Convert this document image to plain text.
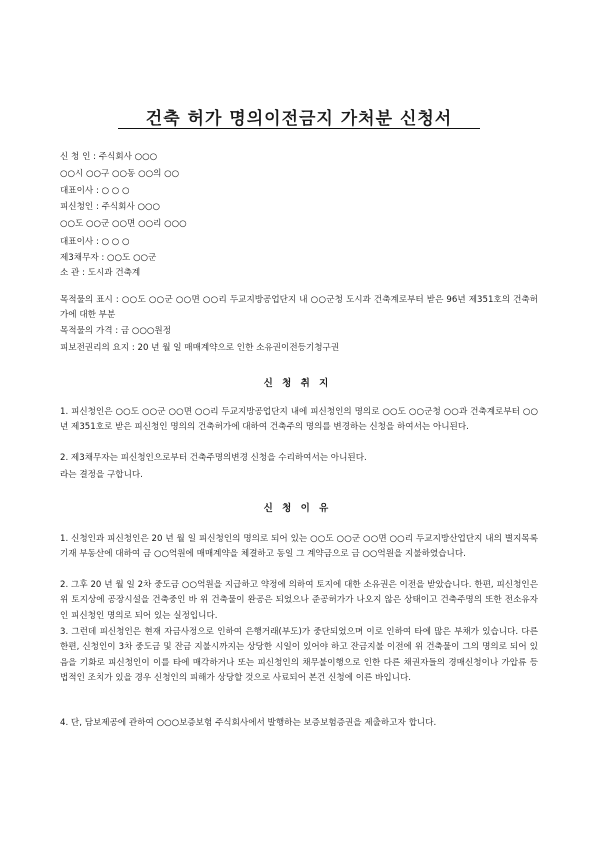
건축 허가 명의이전금지 가처분 신청서
신 청 인 : 주식회사 ○○○
○○시 ○○구 ○○동 ○○의 ○○
대표이사 : ○ ○ ○
피신청인 : 주식회사 ○○○
○○도 ○○군 ○○면 ○○리 ○○○
대표이사 : ○ ○ ○
제3채무자 : ○○도 ○○군
소 관 : 도시과 건축계

목적물의 표시 : ○○도 ○○군 ○○면 ○○리 두교지방공업단지 내 ○○군청 도시과 건축계로부터 받은 96년 제351호의 건축허가에 대한 부분

목적물의 가격 : 금 ○○○원정

피보전권리의 요지 : 20 년 월 일 매매계약으로 인한 소유권이전등기청구권

신 청 취 지

1. 피신청인은 ○○도 ○○군 ○○면 ○○리 두교지방공업단지 내에 피신청인의 명의로 ○○도 ○○군청 ○○과 건축계로부터 ○○년 제351호로 받은 피신청인 명의의 건축허가에 대하여 건축주의 명의를 변경하는 신청을 하여서는 아니된다.

2. 제3채무자는 피신청인으로부터 건축주명의변경 신청을 수리하여서는 아니된다.

라는 결정을 구합니다.

신 청 이 유

1. 신청인과 피신청인은 20 년 월 일 피신청인의 명의로 되어 있는 ○○도 ○○군 ○○면 ○○리 두교지방산업단지 내의 별지목록 기재 부동산에 대하여 금 ○○억원에 매매계약을 체결하고 동일 그 계약금으로 금 ○○억원을 지불하였습니다.

2. 그후 20 년 월 일 2차 중도금 ○○억원을 지급하고 약정에 의하여 토지에 대한 소유권은 이전을 받았습니다. 한편, 피신청인은 위 토지상에 공장시설을 건축중인 바 위 건축물이 완공은 되었으나 준공허가가 나오지 않은 상태이고 건축주명의 또한 전소유자인 피신청인 명의로 되어 있는 실정입니다.

3. 그런데 피신청인은 현재 자금사정으로 인하여 은행거래(부도)가 중단되었으며 이로 인하여 타에 많은 부채가 있습니다. 다른 한편, 신청인이 3차 중도금 및 잔금 지불시까지는 상당한 시일이 있어야 하고 잔금지불 이전에 위 건축물이 그의 명의로 되어 있음을 기화로 피신청인이 이를 타에 매각하거나 또는 피신청인의 채무불이행으로 인한 다른 채권자들의 경매신청이나 가압류 등 법적인 조치가 있을 경우 신청인의 피해가 상당할 것으로 사료되어 본건 신청에 이른 바입니다.

4. 단, 담보제공에 관하여 ○○○보증보험 주식회사에서 발행하는 보증보험증권을 제출하고자 합니다.
